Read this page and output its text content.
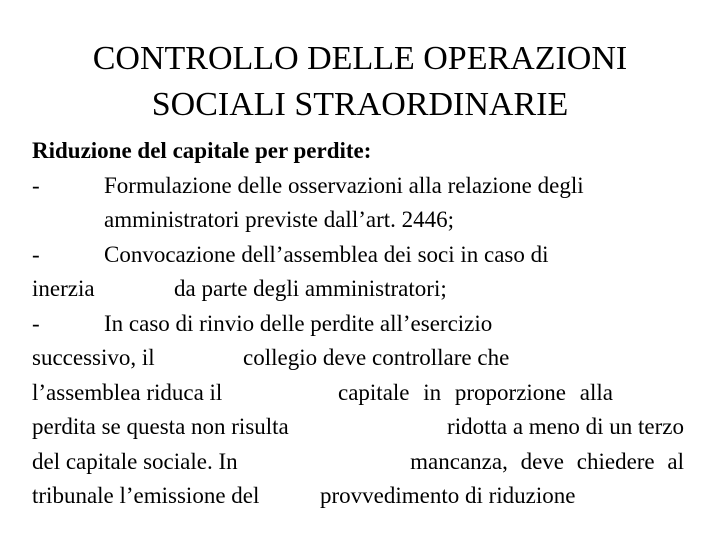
CONTROLLO DELLE OPERAZIONI
SOCIALI STRAORDINARIE
Riduzione del capitale per perdite:
-	Formulazione delle osservazioni alla relazione degli
amministratori previste dall’art. 2446;
-	Convocazione dell’assemblea dei soci in caso di
inerzia	da parte degli amministratori;
-	In caso di rinvio delle perdite all’esercizio
successivo, il	collegio deve controllare che
l’assemblea riduca il	capitale in proporzione alla
perdita se questa non risulta	ridotta a meno di un terzo
del capitale sociale. In	mancanza, deve chiedere al
tribunale l’emissione del	provvedimento di riduzione
